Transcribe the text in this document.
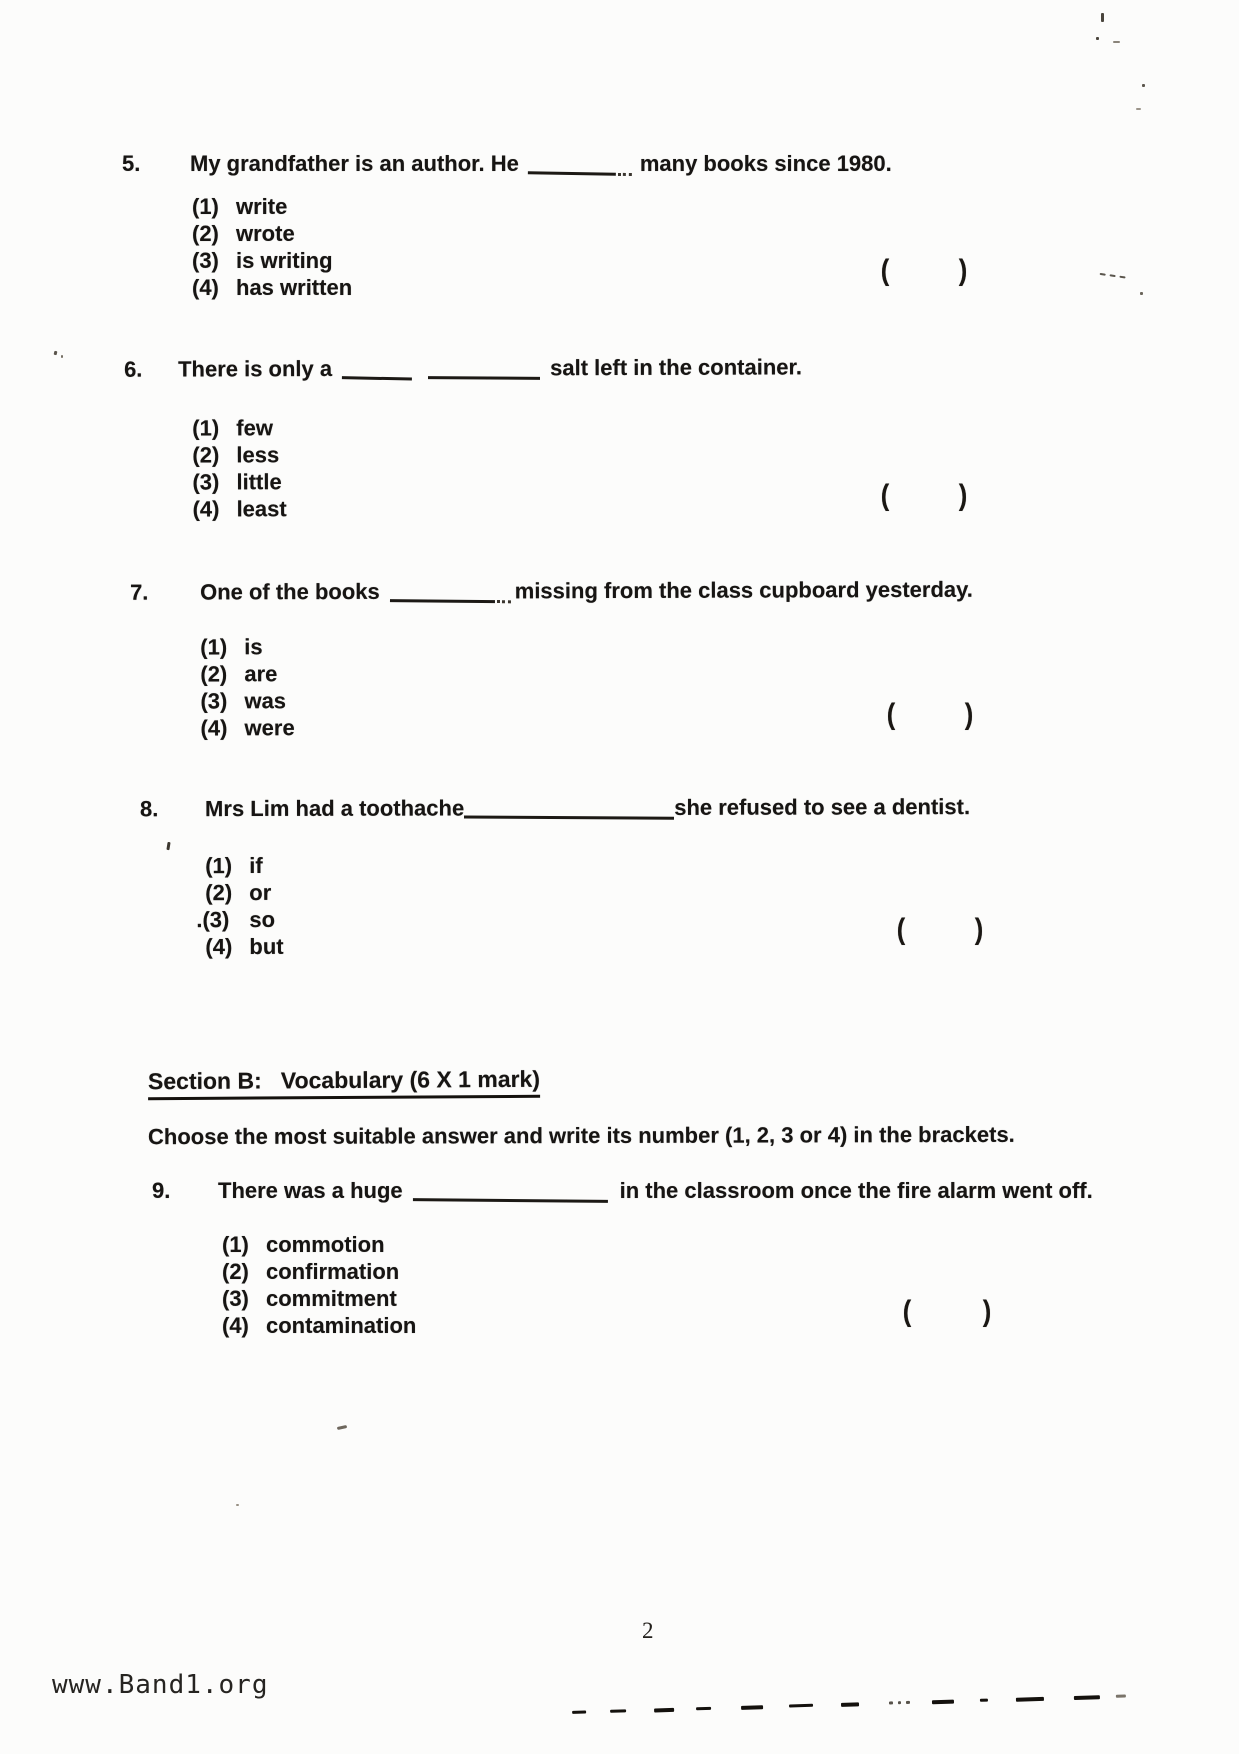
5. My grandfather is an author. He	many books since 1980.
(1) write
(2) wrote
(3) is writing
(4) has written
( )
6. There is only a	salt left in the container.
(1) few
(2) less
(3) little
(4) least	( )
7. One of the books	missing from the class cupboard yesterday.
(1) is
(2) are
(3) was
(4) were	( )
8. Mrs Lim had a toothache	she refused to see a dentist.
(1) if
(2) or
.(3) so
(4) but
( )
Section B:   Vocabulary (6 X 1 mark)
Choose the most suitable answer and write its number (1, 2, 3 or 4) in the brackets.
9. There was a huge	in the classroom once the fire alarm went off.
(1) commotion
(2) confirmation
(3) commitment
(4) contamination	( )
2
www.Band1.org
